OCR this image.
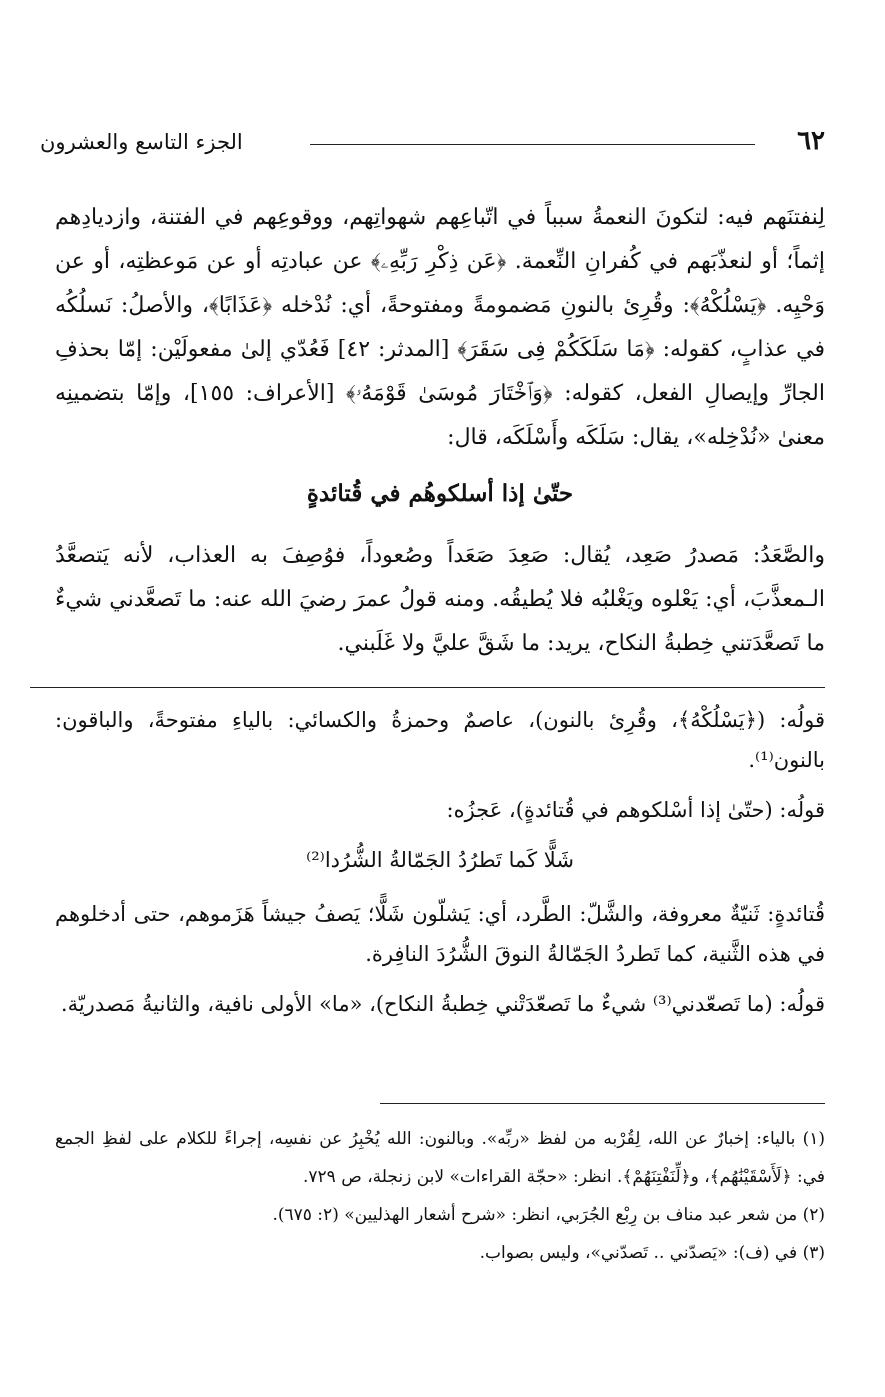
٦٢
الجزء التاسع والعشرون

لِنفتنَهم فيه: لتكونَ النعمةُ سبباً في اتّباعِهم شهواتِهم، ووقوعِهم في الفتنة، وازديادِهم إثماً؛ أو لنعذّبَهم في كُفرانِ النِّعمة. ﴿عَن ذِكْرِ رَبِّهِۦ﴾ عن عبادتِه أو عن مَوعظتِه، أو عن وَحْيِه. ﴿يَسْلُكْهُ﴾: وقُرِئ بالنونِ مَضمومةً ومفتوحةً، أي: نُدْخله ﴿عَذَابًا﴾، والأصلُ: نَسلُكُه في عذابٍ، كقوله: ﴿مَا سَلَكَكُمْ فِى سَقَرَ﴾ [المدثر: ٤٢] فَعُدّي إلىٰ مفعولَيْن: إمّا بحذفِ الجارِّ وإيصالِ الفعل، كقوله: ﴿وَٱخْتَارَ مُوسَىٰ قَوْمَهُۥ﴾ [الأعراف: ١٥٥]، وإمّا بتضمينِه معنىٰ «نُدْخِله»، يقال: سَلَكَه وأَسْلَكَه، قال:

حتّىٰ إذا أسلكوهُم في قُتائدةٍ

والصَّعَدُ: مَصدرُ صَعِد، يُقال: صَعِدَ صَعَداً وصُعوداً، فوُصِفَ به العذاب، لأنه يَتصعَّدُ الـمعذَّبَ، أي: يَعْلوه ويَغْلبُه فلا يُطيقُه. ومنه قولُ عمرَ رضيَ الله عنه: ما تَصعَّدني شيءٌ ما تَصعَّدَتني خِطبةُ النكاح، يريد: ما شَقَّ عليَّ ولا غَلَبني.

قولُه: (﴿يَسْلُكْهُ﴾، وقُرِئ بالنون)، عاصمٌ وحمزةُ والكسائي: بالياءِ مفتوحةً، والباقون: بالنون⁽¹⁾.

قولُه: (حتّىٰ إذا أسْلكوهم في قُتائدةٍ)، عَجزُه:

شَلًّا كَما تَطرُدُ الجَمّالةُ الشُّرُدا⁽²⁾

قُتائدةٍ: ثَنيّةٌ معروفة، والشَّلّ: الطَّرد، أي: يَشلّون شَلًّا؛ يَصفُ جيشاً هَزَموهم، حتى أدخلوهم في هذه الثَّنية، كما تَطردُ الجَمّالةُ النوقَ الشُّرُدَ النافِرة.

قولُه: (ما تَصعّدني⁽³⁾ شيءٌ ما تَصعّدَتْني خِطبةُ النكاح)، «ما» الأولى نافية، والثانيةُ مَصدريّة.

(١) بالياء: إخبارٌ عن الله، لِقُرْبه من لفظ «ربِّه». وبالنون: الله يُخْبِرُ عن نفسِه، إجراءً للكلام على لفظِ الجمع في: ﴿لَأَسْقَيْنَٰهُم﴾، و﴿لِّنَفْتِنَهُمْ﴾. انظر: «حجّة القراءات» لابن زنجلة، ص ٧٢٩.

(٢) من شعر عبد مناف بن رِبْع الجُرَبي، انظر: «شرح أشعار الهذليين» (٢: ٦٧٥).

(٣) في (ف): «يَصدّني .. تَصدّني»، وليس بصواب.
